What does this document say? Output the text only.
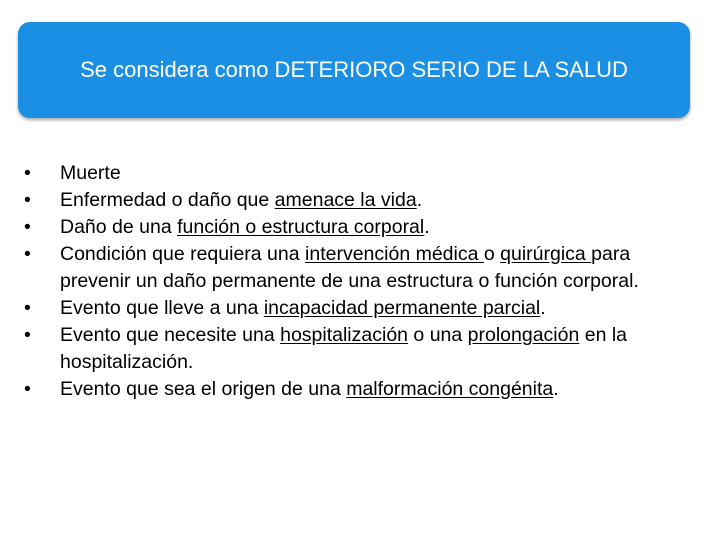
Se considera como DETERIORO SERIO DE LA SALUD
•	Muerte
•	Enfermedad o daño que amenace la vida.
•	Daño de una función o estructura corporal.
•	Condición que requiera una intervención médica o quirúrgica para prevenir un daño permanente de una estructura o función corporal.
•	Evento que lleve a una incapacidad permanente parcial.
•	Evento que necesite una hospitalización o una prolongación en la hospitalización.
•	Evento que sea el origen de una malformación congénita.
